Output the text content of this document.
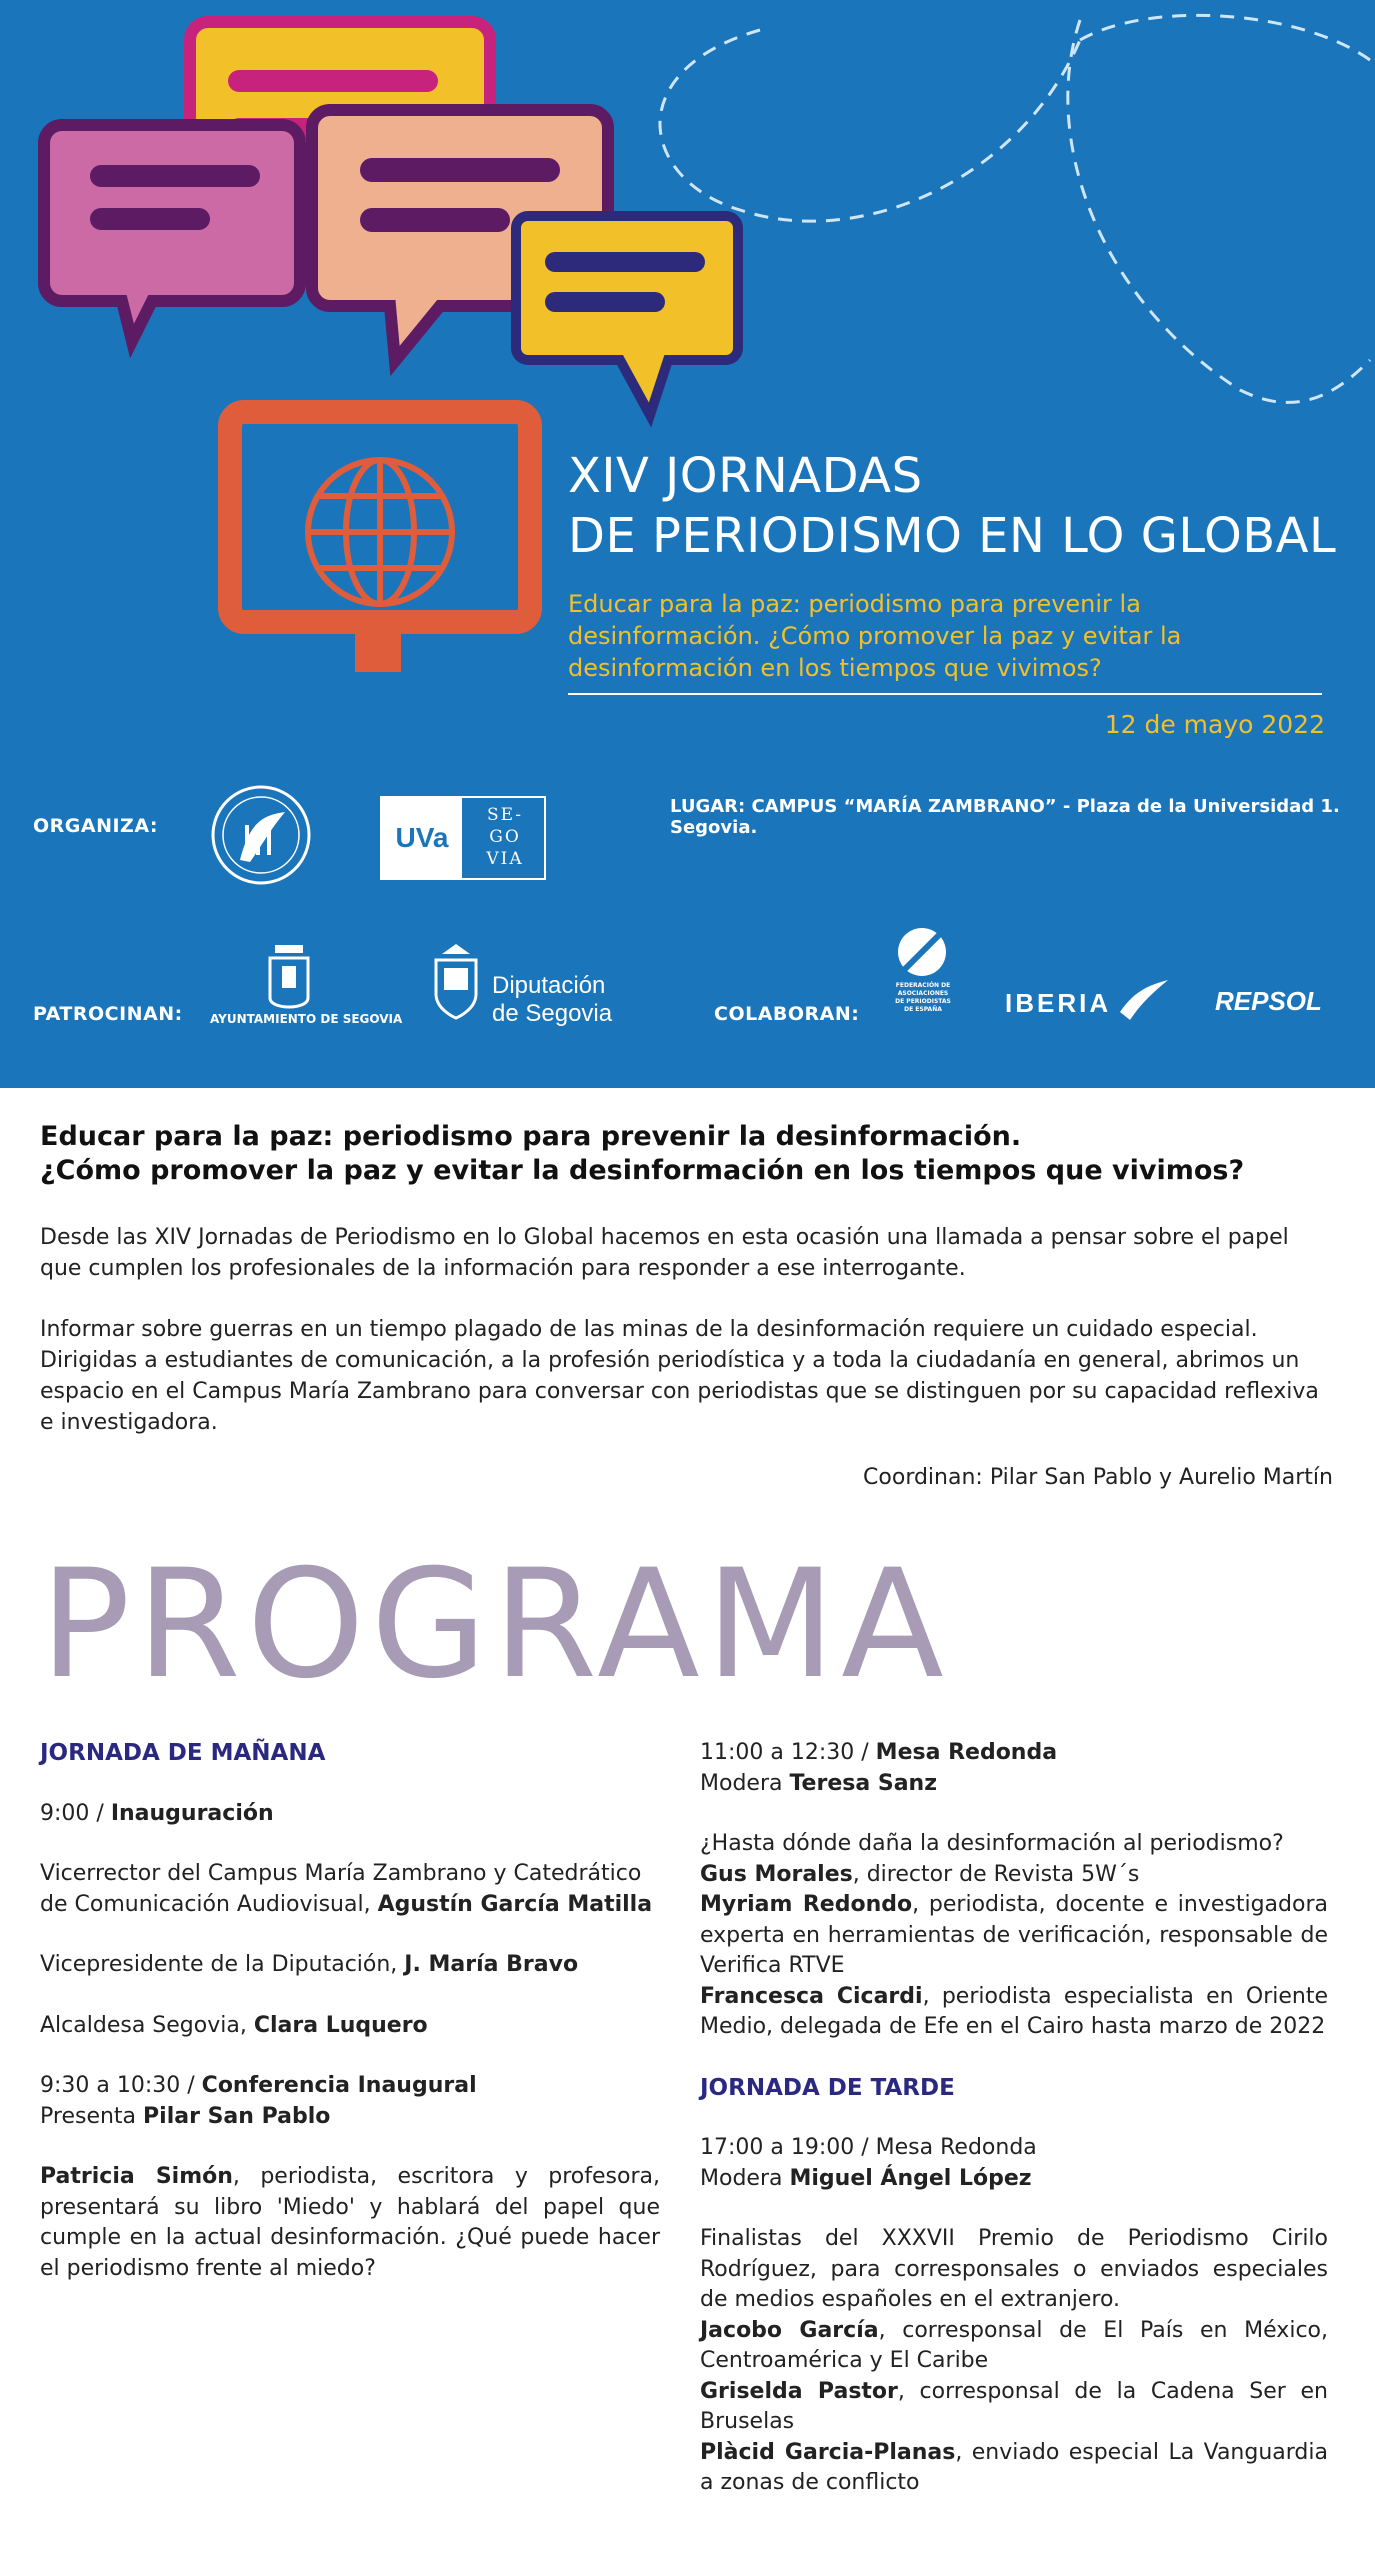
XIV JORNADAS
DE PERIODISMO EN LO GLOBAL
Educar para la paz: periodismo para prevenir la desinformación. ¿Cómo promover la paz y evitar la desinformación en los tiempos que vivimos?
12 de mayo 2022
ORGANIZA:	UVa
SE- GO VIA
LUGAR: CAMPUS “MARÍA ZAMBRANO” - Plaza de la Universidad 1. Segovia.
PATROCINAN: AYUNTAMIENTO DE SEGOVIA
Diputación
de Segovia	COLABORAN:
FEDERACIÓN DE ASOCIACIONES DE PERIODISTAS DE ESPAÑA	IBERIA	REPSOL
Educar para la paz: periodismo para prevenir la desinformación.
¿Cómo promover la paz y evitar la desinformación en los tiempos que vivimos?
Desde las XIV Jornadas de Periodismo en lo Global hacemos en esta ocasión una llamada a pensar sobre el papel que cumplen los profesionales de la información para responder a ese interrogante.
Informar sobre guerras en un tiempo plagado de las minas de la desinformación requiere un cuidado especial. Dirigidas a estudiantes de comunicación, a la profesión periodística y a toda la ciudadanía en general, abrimos un espacio en el Campus María Zambrano para conversar con periodistas que se distinguen por su capacidad reflexiva e investigadora.
Coordinan: Pilar San Pablo y Aurelio Martín
PROGRAMA
JORNADA DE MAÑANA

9:00 / Inauguración

Vicerrector del Campus María Zambrano y Catedrático de Comunicación Audiovisual, Agustín García Matilla

Vicepresidente de la Diputación, J. María Bravo

Alcaldesa Segovia, Clara Luquero

9:30 a 10:30 / Conferencia Inaugural

Presenta Pilar San Pablo

Patricia Simón, periodista, escritora y profesora, presentará su libro 'Miedo' y hablará del papel que cumple en la actual desinformación. ¿Qué puede hacer el periodismo frente al miedo?

11:00 a 12:30 / Mesa Redonda

Modera Teresa Sanz

¿Hasta dónde daña la desinformación al periodismo?

Gus Morales, director de Revista 5W´s

Myriam Redondo, periodista, docente e investigadora experta en herramientas de verificación, responsable de Verifica RTVE

Francesca Cicardi, periodista especialista en Oriente Medio, delegada de Efe en el Cairo hasta marzo de 2022

JORNADA DE TARDE

17:00 a 19:00 / Mesa Redonda

Modera Miguel Ángel López

Finalistas del XXXVII Premio de Periodismo Cirilo Rodríguez, para corresponsales o enviados especiales de medios españoles en el extranjero.

Jacobo García, corresponsal de El País en México, Centroamérica y El Caribe

Griselda Pastor, corresponsal de la Cadena Ser en Bruselas

Plàcid Garcia-Planas, enviado especial La Vanguardia a zonas de conflicto
